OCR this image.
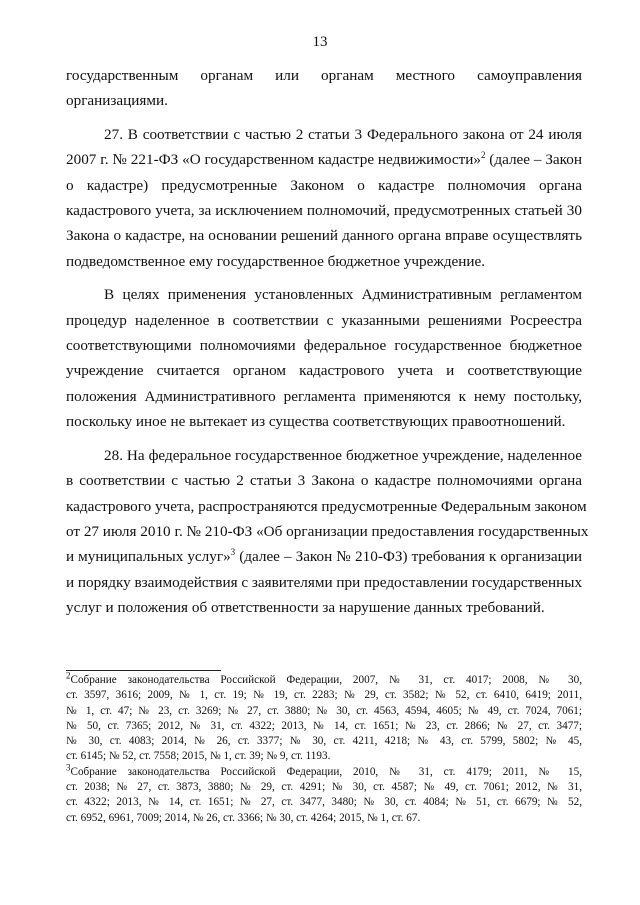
13
государственным органам или органам местного самоуправления
организациями.
27. В соответствии с частью 2 статьи 3 Федерального закона от 24 июля
2007 г. № 221-ФЗ «О государственном кадастре недвижимости»$^2$ (далее – Закон
о кадастре) предусмотренные Законом о кадастре полномочия органа
кадастрового учета, за исключением полномочий, предусмотренных статьей 30
Закона о кадастре, на основании решений данного органа вправе осуществлять
подведомственное ему государственное бюджетное учреждение.
В целях применения установленных Административным регламентом
процедур наделенное в соответствии с указанными решениями Росреестра
соответствующими полномочиями федеральное государственное бюджетное
учреждение считается органом кадастрового учета и соответствующие
положения Административного регламента применяются к нему постольку,
поскольку иное не вытекает из существа соответствующих правоотношений.
28. На федеральное государственное бюджетное учреждение, наделенное
в соответствии с частью 2 статьи 3 Закона о кадастре полномочиями органа
кадастрового учета, распространяются предусмотренные Федеральным законом
от 27 июля 2010 г. № 210-ФЗ «Об организации предоставления государственных
и муниципальных услуг»$^3$ (далее – Закон № 210-ФЗ) требования к организации
и порядку взаимодействия с заявителями при предоставлении государственных
услуг и положения об ответственности за нарушение данных требований.
$^2$Собрание законодательства Российской Федерации, 2007, № 31, ст. 4017; 2008, № 30,
ст. 3597, 3616; 2009, № 1, ст. 19; № 19, ст. 2283; № 29, ст. 3582; № 52, ст. 6410, 6419; 2011,
№ 1, ст. 47; № 23, ст. 3269; № 27, ст. 3880; № 30, ст. 4563, 4594, 4605; № 49, ст. 7024, 7061;
№ 50, ст. 7365; 2012, № 31, ст. 4322; 2013, № 14, ст. 1651; № 23, ст. 2866; № 27, ст. 3477;
№ 30, ст. 4083; 2014, № 26, ст. 3377; № 30, ст. 4211, 4218; № 43, ст. 5799, 5802; № 45,
ст. 6145; № 52, ст. 7558; 2015, № 1, ст. 39; № 9, ст. 1193.
$^3$Собрание законодательства Российской Федерации, 2010, № 31, ст. 4179; 2011, № 15,
ст. 2038; № 27, ст. 3873, 3880; № 29, ст. 4291; № 30, ст. 4587; № 49, ст. 7061; 2012, № 31,
ст. 4322; 2013, № 14, ст. 1651; № 27, ст. 3477, 3480; № 30, ст. 4084; № 51, ст. 6679; № 52,
ст. 6952, 6961, 7009; 2014, № 26, ст. 3366; № 30, ст. 4264; 2015, № 1, ст. 67.
